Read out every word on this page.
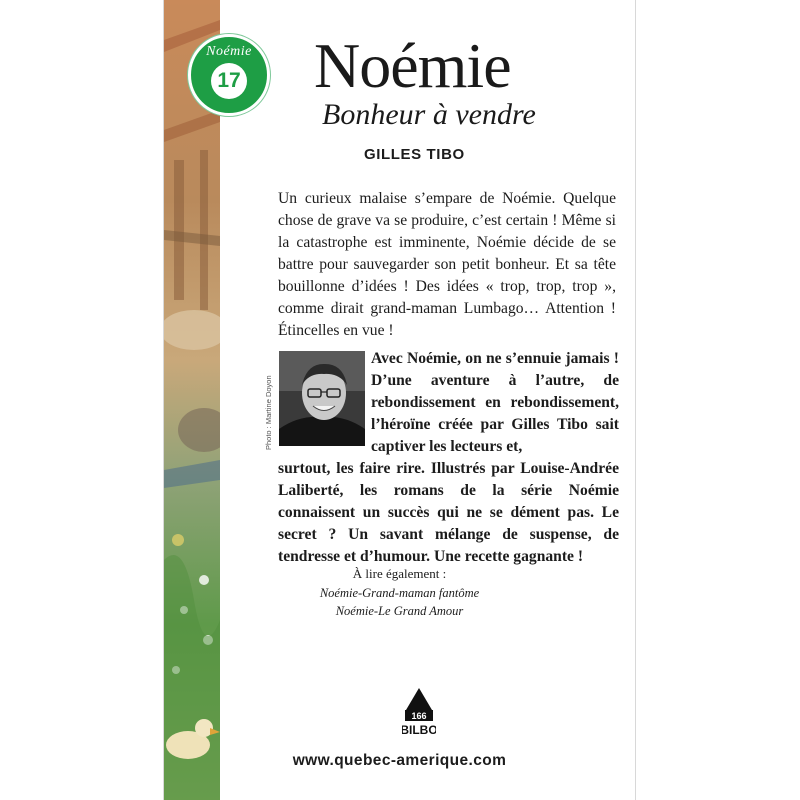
Noémie
17 Noémie
Bonheur à vendre
GILLES TIBO

Un curieux malaise s’empare de Noémie. Quelque chose de grave va se produire, c’est certain ! Même si la catastrophe est imminente, Noémie décide de se battre pour sauvegarder son petit bonheur. Et sa tête bouillonne d’idées ! Des idées « trop, trop, trop », comme dirait grand-maman Lumbago… Attention ! Étincelles en vue !

Photo : Martine Doyon

Avec Noémie, on ne s’ennuie jamais ! D’une aventure à l’autre, de rebondissement en rebondissement, l’héroïne créée par Gilles Tibo sait captiver les lecteurs et,

surtout, les faire rire. Illustrés par Louise-Andrée Laliberté, les romans de la série Noémie connaissent un succès qui ne se dément pas. Le secret ? Un savant mélange de suspense, de tendresse et d’humour. Une recette gagnante !

À lire également :
Noémie-Grand-maman fantôme
Noémie-Le Grand Amour
166
BILBO
www.quebec-amerique.com
